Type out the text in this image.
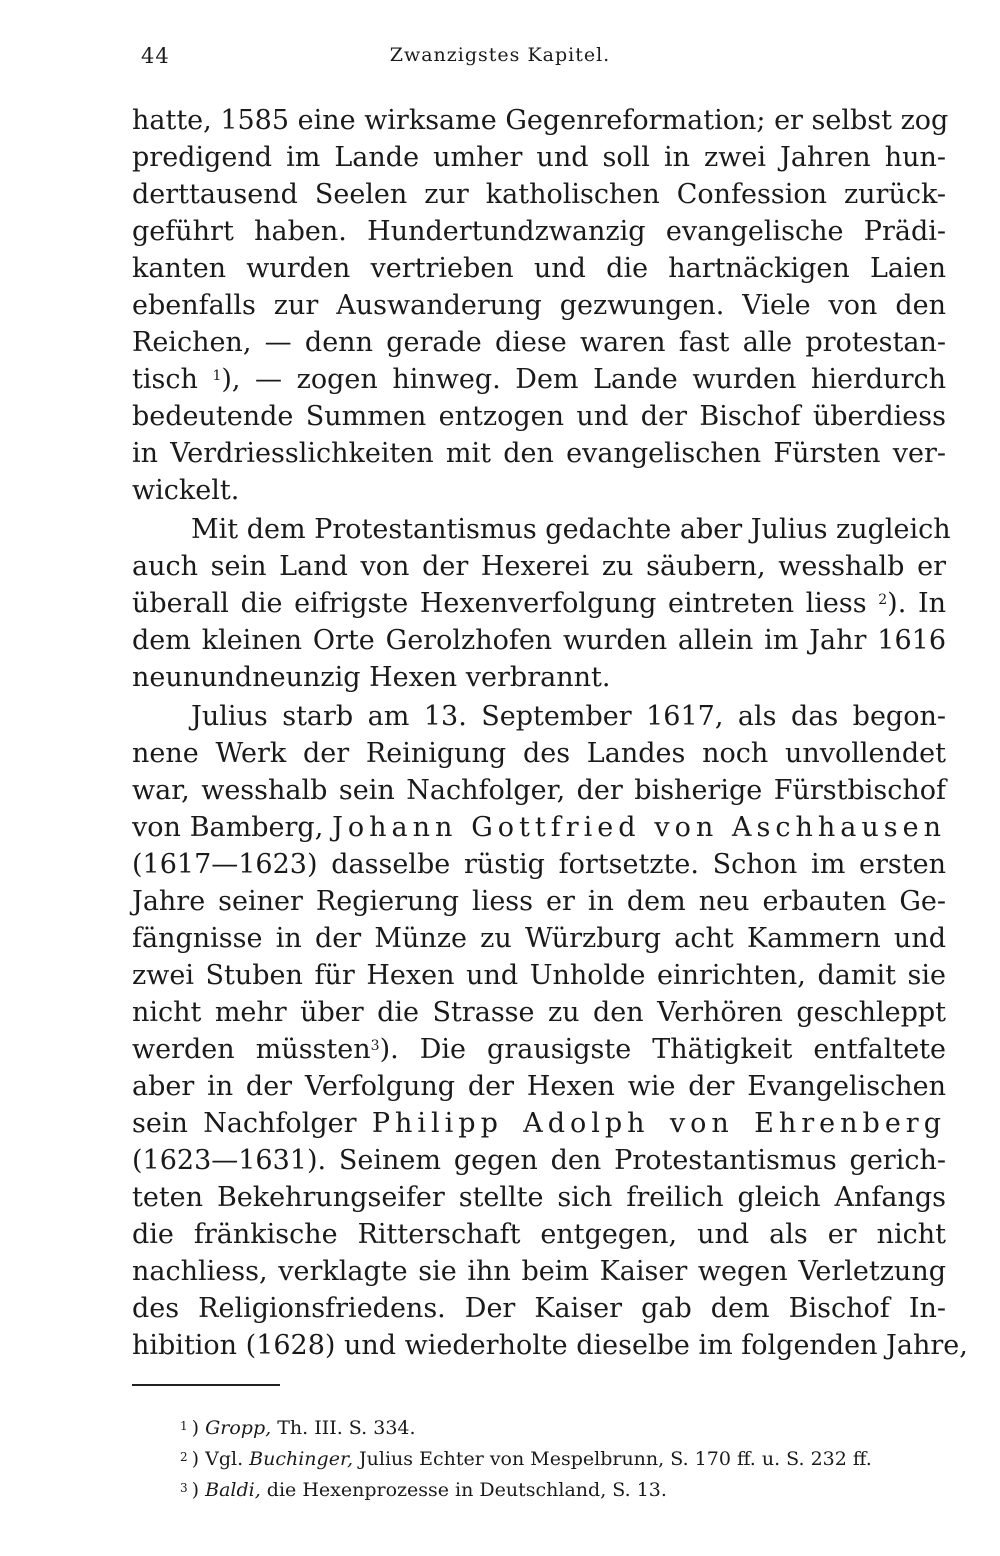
44	Zwanzigstes Kapitel.
hatte, 1585 eine wirksame Gegenreformation; er selbst zog
predigend im Lande umher und soll in zwei Jahren hun-
derttausend Seelen zur katholischen Confession zurück-
geführt haben. Hundertundzwanzig evangelische Prädi-
kanten wurden vertrieben und die hartnäckigen Laien
ebenfalls zur Auswanderung gezwungen. Viele von den
Reichen, — denn gerade diese waren fast alle protestan-
tisch $^1$), — zogen hinweg. Dem Lande wurden hierdurch
bedeutende Summen entzogen und der Bischof überdiess
in Verdriesslichkeiten mit den evangelischen Fürsten ver-
wickelt.
Mit dem Protestantismus gedachte aber Julius zugleich
auch sein Land von der Hexerei zu säubern, wesshalb er
überall die eifrigste Hexenverfolgung eintreten liess $^2$). In
dem kleinen Orte Gerolzhofen wurden allein im Jahr 1616
neunundneunzig Hexen verbrannt.
Julius starb am 13. September 1617, als das begon-
nene Werk der Reinigung des Landes noch unvollendet
war, wesshalb sein Nachfolger, der bisherige Fürstbischof
von Bamberg, Johann Gottfried von Aschhausen
(1617—1623) dasselbe rüstig fortsetzte. Schon im ersten
Jahre seiner Regierung liess er in dem neu erbauten Ge-
fängnisse in der Münze zu Würzburg acht Kammern und
zwei Stuben für Hexen und Unholde einrichten, damit sie
nicht mehr über die Strasse zu den Verhören geschleppt
werden müssten$^3$). Die grausigste Thätigkeit entfaltete
aber in der Verfolgung der Hexen wie der Evangelischen
sein Nachfolger Philipp Adolph von Ehrenberg
(1623—1631). Seinem gegen den Protestantismus gerich-
teten Bekehrungseifer stellte sich freilich gleich Anfangs
die fränkische Ritterschaft entgegen, und als er nicht
nachliess, verklagte sie ihn beim Kaiser wegen Verletzung
des Religionsfriedens. Der Kaiser gab dem Bischof In-
hibition (1628) und wiederholte dieselbe im folgenden Jahre,
$^1$ ) Gropp, Th. III. S. 334.
$^2$ ) Vgl. Buchinger, Julius Echter von Mespelbrunn, S. 170 ff. u. S. 232 ff.
$^3$ ) Baldi, die Hexenprozesse in Deutschland, S. 13.
